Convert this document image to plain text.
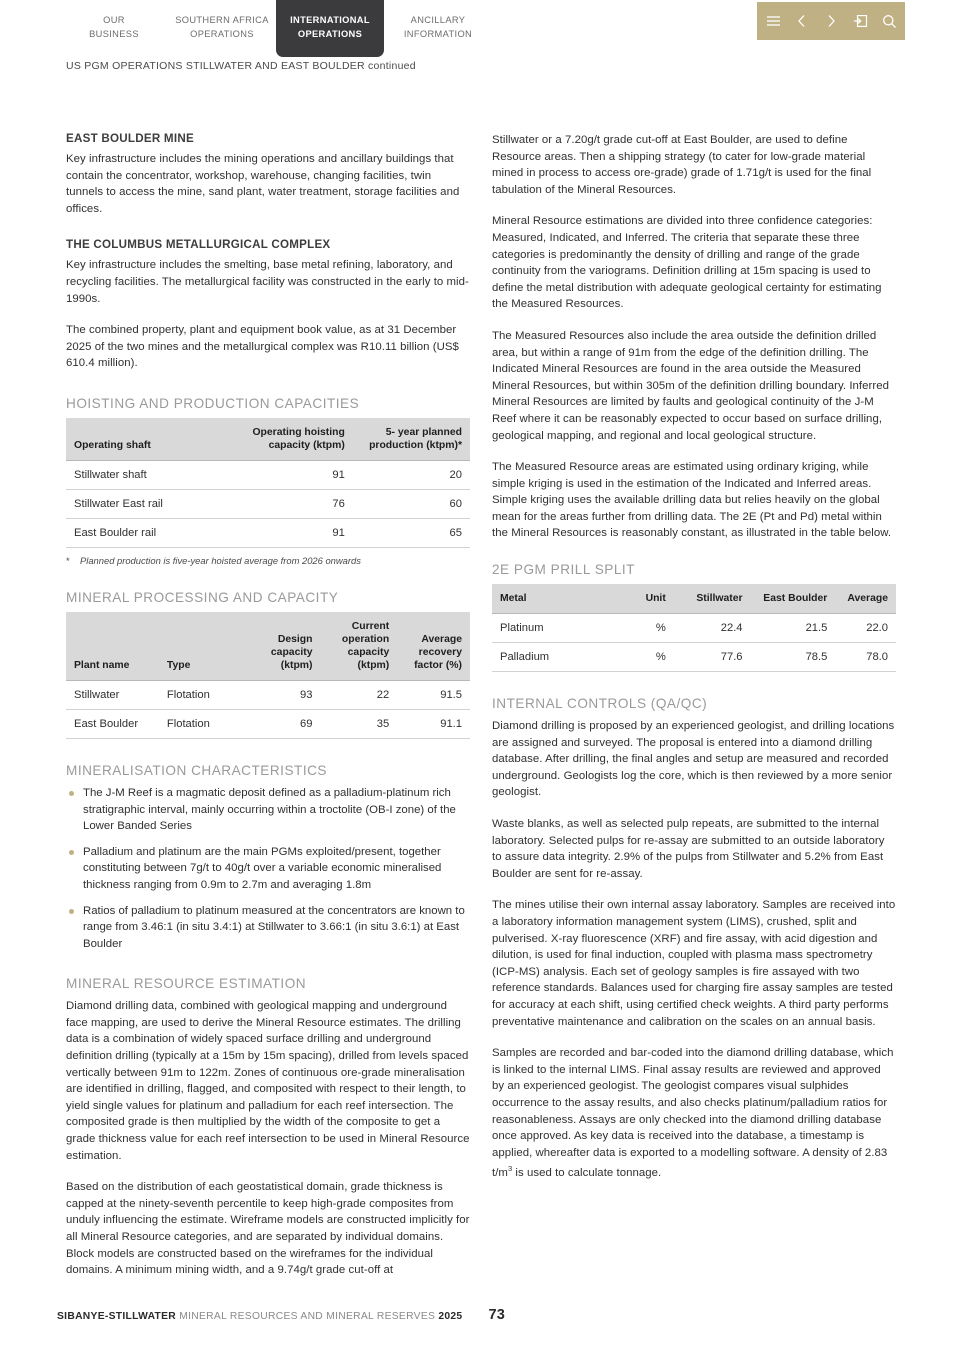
OUR
BUSINESS
SOUTHERN AFRICA
OPERATIONS
INTERNATIONAL
OPERATIONS
ANCILLARY
INFORMATION
US PGM OPERATIONS STILLWATER AND EAST BOULDER continued
EAST BOULDER MINE

Key infrastructure includes the mining operations and ancillary buildings that contain the concentrator, workshop, warehouse, changing facilities, twin tunnels to access the mine, sand plant, water treatment, storage facilities and offices.

THE COLUMBUS METALLURGICAL COMPLEX

Key infrastructure includes the smelting, base metal refining, laboratory, and recycling facilities. The metallurgical facility was constructed in the early to mid-1990s.

The combined property, plant and equipment book value, as at 31 December 2025 of the two mines and the metallurgical complex was R10.11 billion (US$ 610.4 million).

HOISTING AND PRODUCTION CAPACITIES
Operating shaft	Operating hoisting capacity (ktpm)	5- year planned production (ktpm)*
Stillwater shaft	91	20
Stillwater East rail	76	60
East Boulder rail	91	65
* Planned production is five-year hoisted average from 2026 onwards
MINERAL PROCESSING AND CAPACITY
Plant name	Type	Design capacity (ktpm)	Current operation capacity (ktpm)	Average recovery factor (%)
Stillwater	Flotation	93	22	91.5
East Boulder	Flotation	69	35	91.1
MINERALISATION CHARACTERISTICS
The J-M Reef is a magmatic deposit defined as a palladium-platinum rich stratigraphic interval, mainly occurring within a troctolite (OB-I zone) of the Lower Banded Series
Palladium and platinum are the main PGMs exploited/present, together constituting between 7g/t to 40g/t over a variable economic mineralised thickness ranging from 0.9m to 2.7m and averaging 1.8m
Ratios of palladium to platinum measured at the concentrators are known to range from 3.46:1 (in situ 3.4:1) at Stillwater to 3.66:1 (in situ 3.6:1) at East Boulder
MINERAL RESOURCE ESTIMATION

Diamond drilling data, combined with geological mapping and underground face mapping, are used to derive the Mineral Resource estimates. The drilling data is a combination of widely spaced surface drilling and underground definition drilling (typically at a 15m by 15m spacing), drilled from levels spaced vertically between 91m to 122m. Zones of continuous ore-grade mineralisation are identified in drilling, flagged, and composited with respect to their length, to yield single values for platinum and palladium for each reef intersection. The composited grade is then multiplied by the width of the composite to get a grade thickness value for each reef intersection to be used in Mineral Resource estimation.

Based on the distribution of each geostatistical domain, grade thickness is capped at the ninety-seventh percentile to keep high-grade composites from unduly influencing the estimate. Wireframe models are constructed implicitly for all Mineral Resource categories, and are separated by individual domains. Block models are constructed based on the wireframes for the individual domains. A minimum mining width, and a 9.74g/t grade cut-off at

Stillwater or a 7.20g/t grade cut-off at East Boulder, are used to define Resource areas. Then a shipping strategy (to cater for low-grade material mined in process to access ore-grade) grade of 1.71g/t is used for the final tabulation of the Mineral Resources.

Mineral Resource estimations are divided into three confidence categories: Measured, Indicated, and Inferred. The criteria that separate these three categories is predominantly the density of drilling and range of the grade continuity from the variograms. Definition drilling at 15m spacing is used to define the metal distribution with adequate geological certainty for estimating the Measured Resources.

The Measured Resources also include the area outside the definition drilled area, but within a range of 91m from the edge of the definition drilling. The Indicated Mineral Resources are found in the area outside the Measured Mineral Resources, but within 305m of the definition drilling boundary. Inferred Mineral Resources are limited by faults and geological continuity of the J-M Reef where it can be reasonably expected to occur based on surface drilling, geological mapping, and regional and local geological structure.

The Measured Resource areas are estimated using ordinary kriging, while simple kriging is used in the estimation of the Indicated and Inferred areas. Simple kriging uses the available drilling data but relies heavily on the global mean for the areas further from drilling data. The 2E (Pt and Pd) metal within the Mineral Resources is reasonably constant, as illustrated in the table below.

2E PGM PRILL SPLIT
Metal	Unit	Stillwater	East Boulder	Average
Platinum	%	22.4	21.5	22.0
Palladium	%	77.6	78.5	78.0
INTERNAL CONTROLS (QA/QC)

Diamond drilling is proposed by an experienced geologist, and drilling locations are assigned and surveyed. The proposal is entered into a diamond drilling database. After drilling, the final angles and setup are measured and recorded underground. Geologists log the core, which is then reviewed by a more senior geologist.

Waste blanks, as well as selected pulp repeats, are submitted to the internal laboratory. Selected pulps for re-assay are submitted to an outside laboratory to assure data integrity. 2.9% of the pulps from Stillwater and 5.2% from East Boulder are sent for re-assay.

The mines utilise their own internal assay laboratory. Samples are received into a laboratory information management system (LIMS), crushed, split and pulverised. X-ray fluorescence (XRF) and fire assay, with acid digestion and dilution, is used for final induction, coupled with plasma mass spectrometry (ICP-MS) analysis. Each set of geology samples is fire assayed with two reference standards. Balances used for charging fire assay samples are tested for accuracy at each shift, using certified check weights. A third party performs preventative maintenance and calibration on the scales on an annual basis.

Samples are recorded and bar-coded into the diamond drilling database, which is linked to the internal LIMS. Final assay results are reviewed and approved by an experienced geologist. The geologist compares visual sulphides occurrence to the assay results, and also checks platinum/palladium ratios for reasonableness. Assays are only checked into the diamond drilling database once approved. As key data is received into the database, a timestamp is applied, whereafter data is exported to a modelling software. A density of 2.83 $t/m^3$ is used to calculate tonnage.

SIBANYE-STILLWATER MINERAL RESOURCES AND MINERAL RESERVES 2025 73
